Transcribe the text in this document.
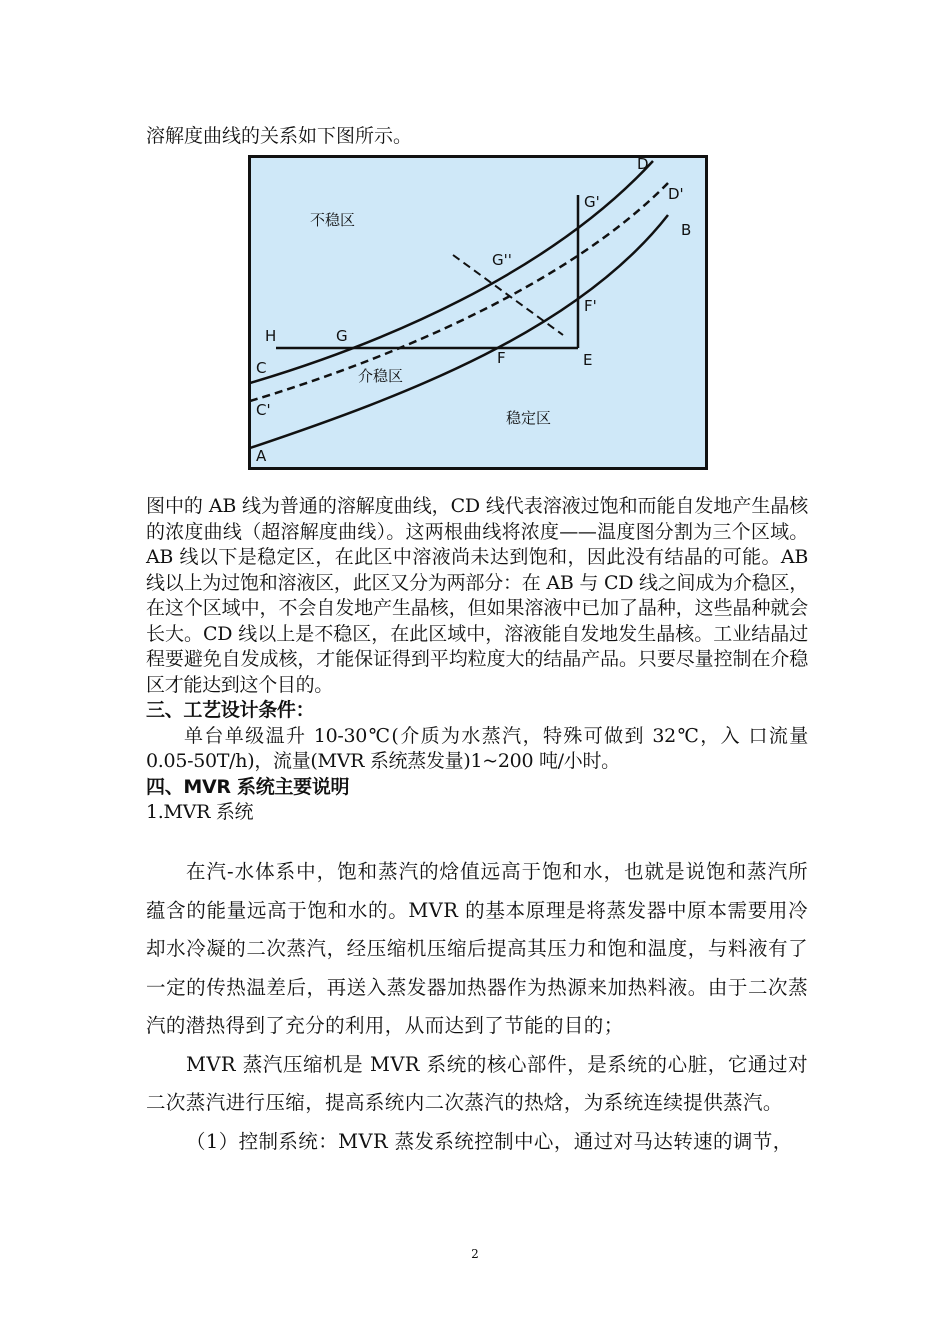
溶解度曲线的关系如下图所示。
不稳区
介稳区
稳定区
A
B
C
D
C'
D'
E
F
G
H
F'
G'
G''

图中的 AB 线为普通的溶解度曲线，CD 线代表溶液过饱和而能自发地产生晶核的浓度曲线（超溶解度曲线）。这两根曲线将浓度——温度图分割为三个区域。AB 线以下是稳定区，在此区中溶液尚未达到饱和，因此没有结晶的可能。AB 线以上为过饱和溶液区，此区又分为两部分：在 AB 与 CD 线之间成为介稳区，在这个区域中，不会自发地产生晶核，但如果溶液中已加了晶种，这些晶种就会长大。CD 线以上是不稳区，在此区域中，溶液能自发地发生晶核。工业结晶过程要避免自发成核，才能保证得到平均粒度大的结晶产品。只要尽量控制在介稳区才能达到这个目的。

三、工艺设计条件：

单台单级温升 10-30℃(介质为水蒸汽，特殊可做到 32℃，入 口流量 0.05-50T/h)，流量(MVR 系统蒸发量)1~200 吨/小时。

四、MVR 系统主要说明

1.MVR 系统

在汽-水体系中，饱和蒸汽的焓值远高于饱和水，也就是说饱和蒸汽所蕴含的能量远高于饱和水的。MVR 的基本原理是将蒸发器中原本需要用冷却水冷凝的二次蒸汽，经压缩机压缩后提高其压力和饱和温度，与料液有了一定的传热温差后，再送入蒸发器加热器作为热源来加热料液。由于二次蒸汽的潜热得到了充分的利用，从而达到了节能的目的；

MVR 蒸汽压缩机是 MVR 系统的核心部件，是系统的心脏，它通过对二次蒸汽进行压缩，提高系统内二次蒸汽的热焓，为系统连续提供蒸汽。

（1）控制系统：MVR 蒸发系统控制中心，通过对马达转速的调节，

2
